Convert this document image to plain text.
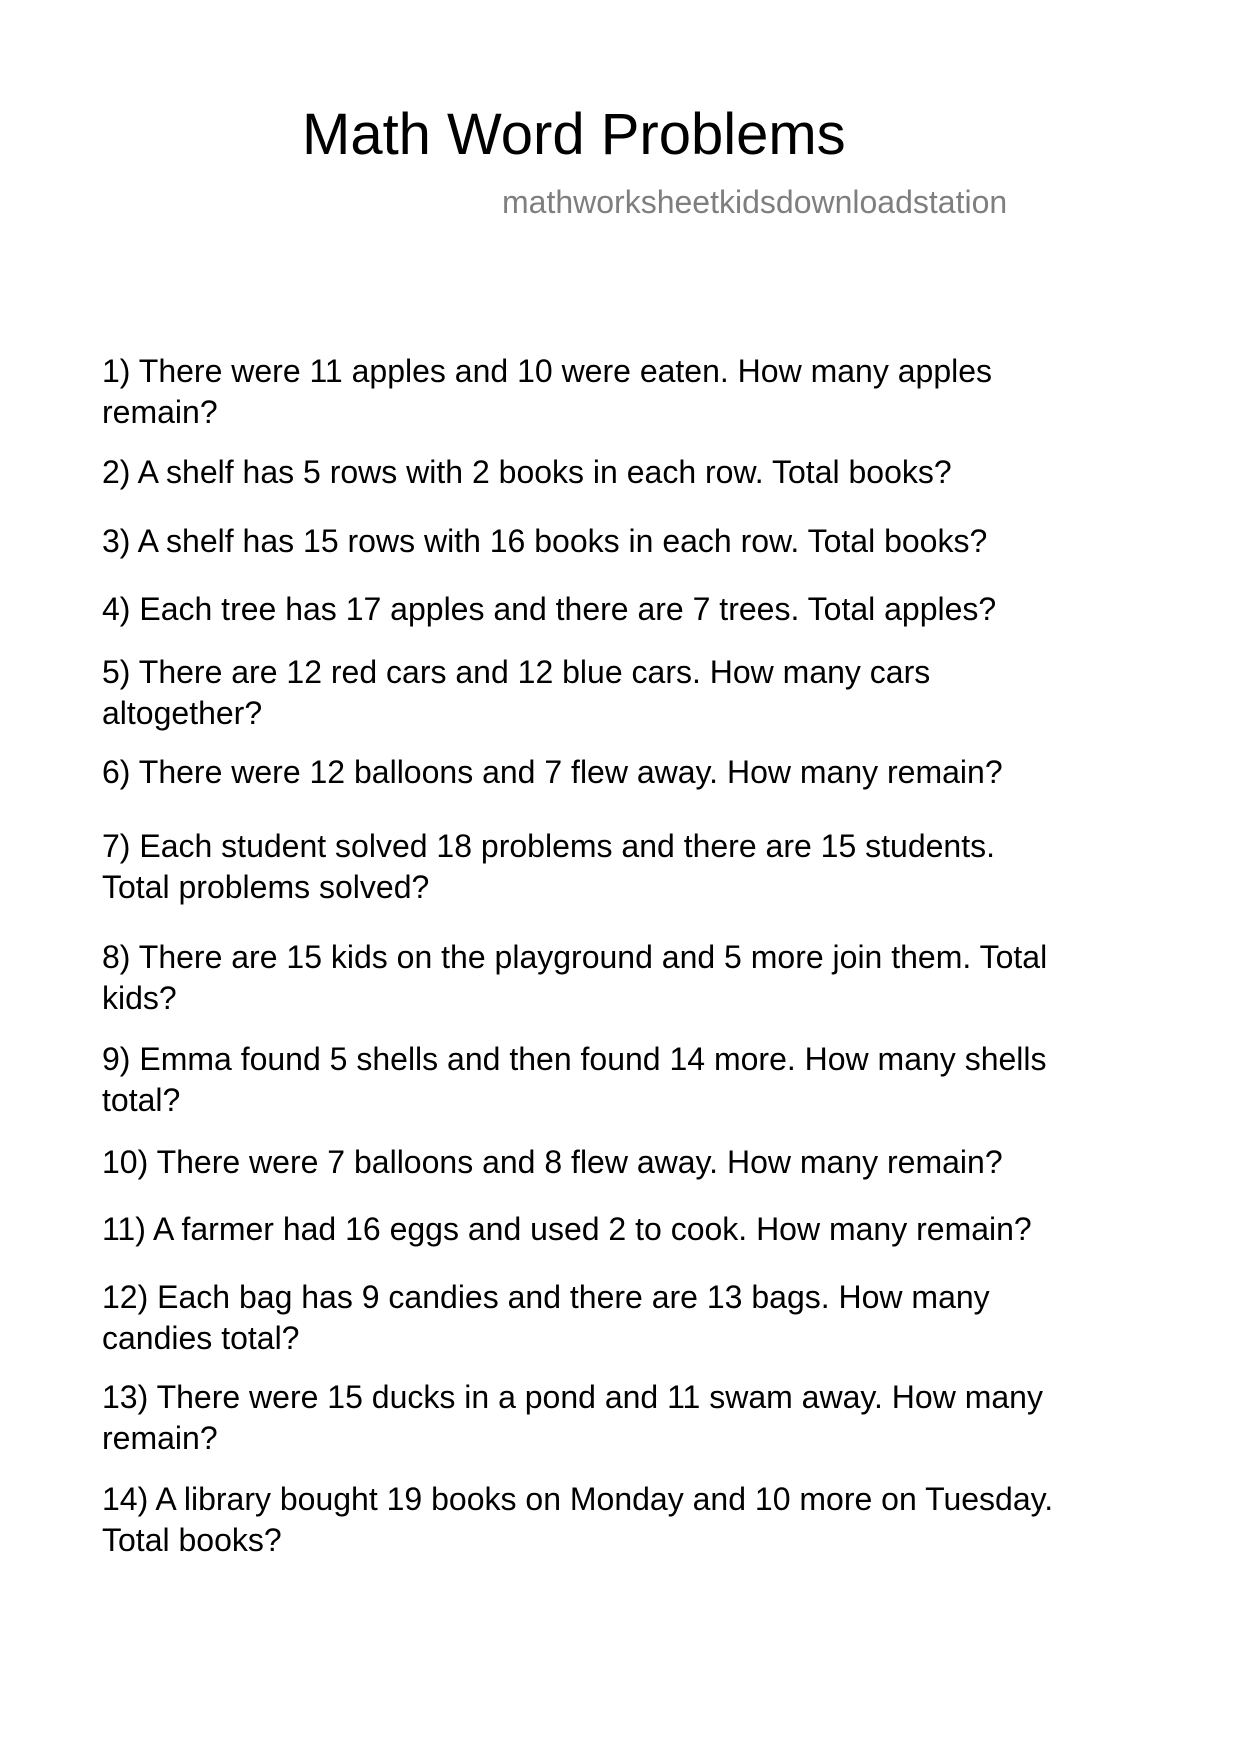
Math Word Problems
mathworksheetkidsdownloadstation
1) There were 11 apples and 10 were eaten. How many apples
remain?
2) A shelf has 5 rows with 2 books in each row. Total books?
3) A shelf has 15 rows with 16 books in each row. Total books?
4) Each tree has 17 apples and there are 7 trees. Total apples?
5) There are 12 red cars and 12 blue cars. How many cars
altogether?
6) There were 12 balloons and 7 flew away. How many remain?
7) Each student solved 18 problems and there are 15 students.
Total problems solved?
8) There are 15 kids on the playground and 5 more join them. Total
kids?
9) Emma found 5 shells and then found 14 more. How many shells
total?
10) There were 7 balloons and 8 flew away. How many remain?
11) A farmer had 16 eggs and used 2 to cook. How many remain?
12) Each bag has 9 candies and there are 13 bags. How many
candies total?
13) There were 15 ducks in a pond and 11 swam away. How many
remain?
14) A library bought 19 books on Monday and 10 more on Tuesday.
Total books?
